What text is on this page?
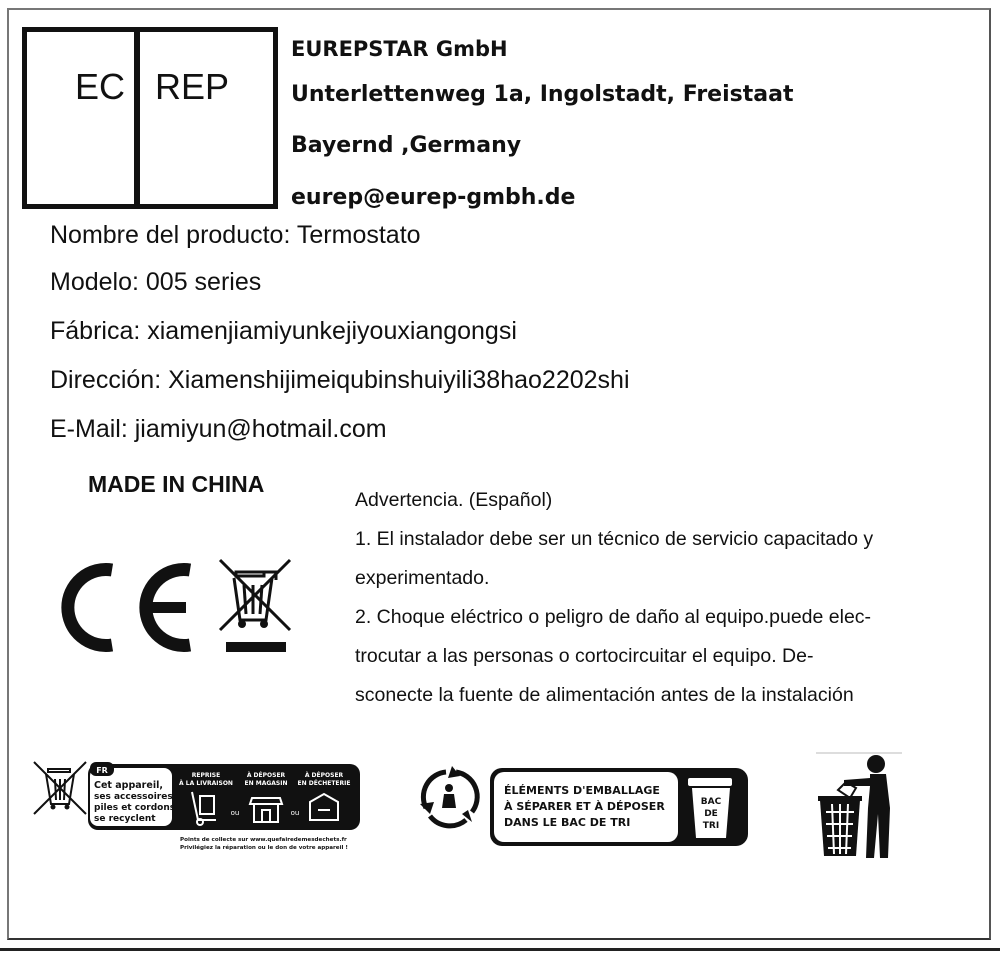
EC REP
EUREPSTAR GmbH
Unterlettenweg 1a, Ingolstadt, Freistaat
Bayernd ,Germany
eurep@eurep-gmbh.de
Nombre del producto: Termostato
Modelo: 005 series
Fábrica: xiamenjiamiyunkejiyouxiangongsi
Dirección: Xiamenshijimeiqubinshuiyili38hao2202shi
E-Mail: jiamiyun@hotmail.com
MADE IN CHINA
Advertencia. (Español)
1. El instalador debe ser un técnico de servicio capacitado y
experimentado.
2. Choque eléctrico o peligro de daño al equipo.puede elec-
trocutar a las personas o cortocircuitar el equipo. De-
sconecte la fuente de alimentación antes de la instalación
FR
Cet appareil,
ses accessoires,
piles et cordons
se recyclent
REPRISE
À LA LIVRAISON
À DÉPOSER
EN MAGASIN
À DÉPOSER
EN DÉCHETERIE
ou	ou
Points de collecte sur www.quefairedemesdechets.fr
Privilégiez la réparation ou le don de votre appareil !
ÉLÉMENTS D'EMBALLAGE
À SÉPARER ET À DÉPOSER
DANS LE BAC DE TRI
BAC
DE
TRI
